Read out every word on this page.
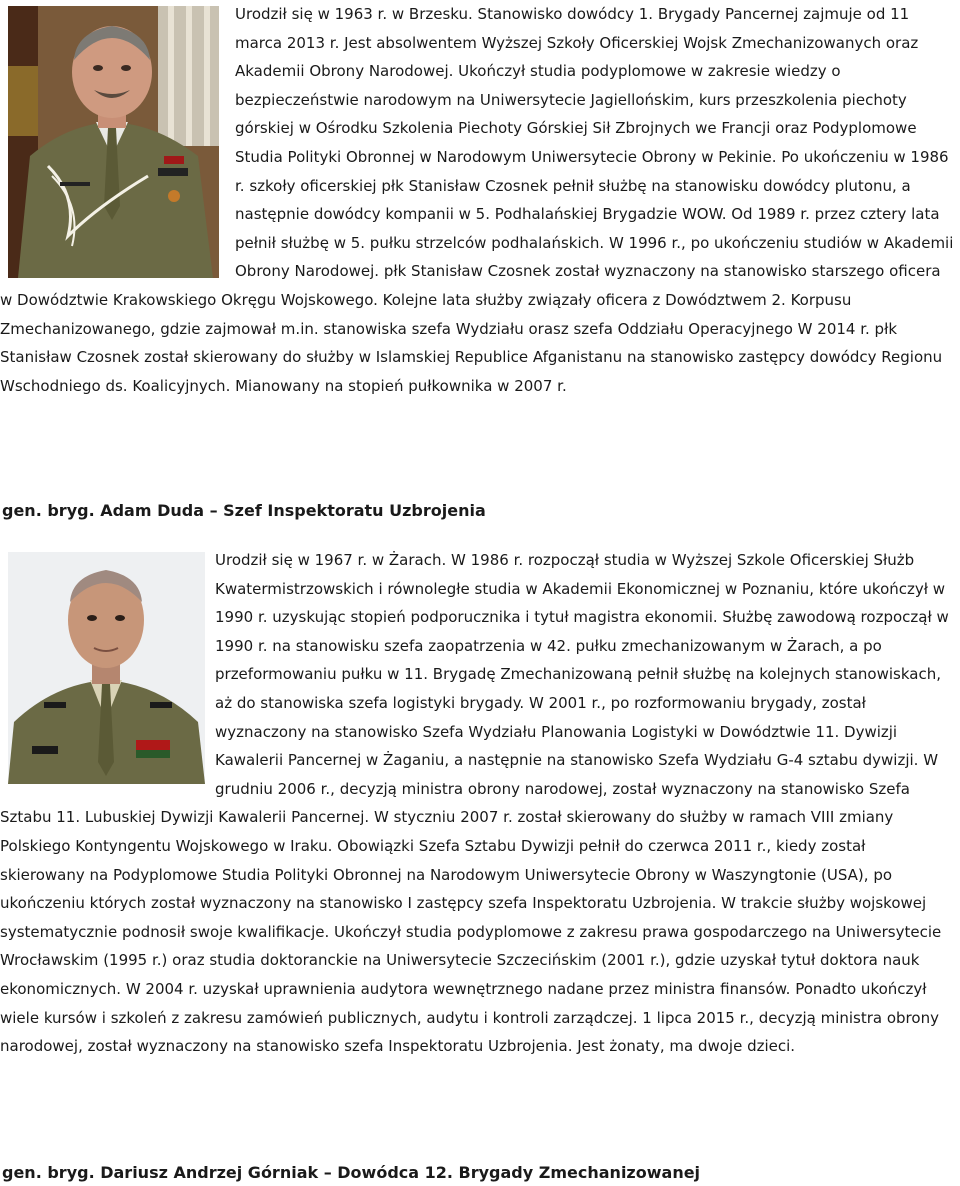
Urodził się w 1963 r. w Brzesku. Stanowisko dowódcy 1. Brygady Pancernej zajmuje od 11 marca 2013 r. Jest absolwentem Wyższej Szkoły Oficerskiej Wojsk Zmechanizowanych oraz Akademii Obrony Narodowej. Ukończył studia podyplomowe w zakresie wiedzy o bezpieczeństwie narodowym na Uniwersytecie Jagiellońskim, kurs przeszkolenia piechoty górskiej w Ośrodku Szkolenia Piechoty Górskiej Sił Zbrojnych we Francji oraz Podyplomowe Studia Polityki Obronnej w Narodowym Uniwersytecie Obrony w Pekinie. Po ukończeniu w 1986 r. szkoły oficerskiej płk Stanisław Czosnek pełnił służbę na stanowisku dowódcy plutonu, a następnie dowódcy kompanii w 5. Podhalańskiej Brygadzie WOW. Od 1989 r. przez cztery lata pełnił służbę w 5. pułku strzelców podhalańskich. W 1996 r., po ukończeniu studiów w Akademii Obrony Narodowej. płk Stanisław Czosnek został wyznaczony na stanowisko starszego oficera w Dowództwie Krakowskiego Okręgu Wojskowego. Kolejne lata służby związały oficera z Dowództwem 2. Korpusu Zmechanizowanego, gdzie zajmował m.in. stanowiska szefa Wydziału orasz szefa Oddziału Operacyjnego W 2014 r. płk Stanisław Czosnek został skierowany do służby w Islamskiej Republice Afganistanu na stanowisko zastępcy dowódcy Regionu Wschodniego ds. Koalicyjnych. Mianowany na stopień pułkownika w 2007 r.

gen. bryg. Adam Duda – Szef Inspektoratu Uzbrojenia

Urodził się w 1967 r. w Żarach. W 1986 r. rozpoczął studia w Wyższej Szkole Oficerskiej Służb Kwatermistrzowskich i równoległe studia w Akademii Ekonomicznej w Poznaniu, które ukończył w 1990 r. uzyskując stopień podporucznika i tytuł magistra ekonomii. Służbę zawodową rozpoczął w 1990 r. na stanowisku szefa zaopatrzenia w 42. pułku zmechanizowanym w Żarach, a po przeformowaniu pułku w 11. Brygadę Zmechanizowaną pełnił służbę na kolejnych stanowiskach, aż do stanowiska szefa logistyki brygady. W 2001 r., po rozformowaniu brygady, został wyznaczony na stanowisko Szefa Wydziału Planowania Logistyki w Dowództwie 11. Dywizji Kawalerii Pancernej w Żaganiu, a następnie na stanowisko Szefa Wydziału G-4 sztabu dywizji. W grudniu 2006 r., decyzją ministra obrony narodowej, został wyznaczony na stanowisko Szefa Sztabu 11. Lubuskiej Dywizji Kawalerii Pancernej. W styczniu 2007 r. został skierowany do służby w ramach VIII zmiany Polskiego Kontyngentu Wojskowego w Iraku. Obowiązki Szefa Sztabu Dywizji pełnił do czerwca 2011 r., kiedy został skierowany na Podyplomowe Studia Polityki Obronnej na Narodowym Uniwersytecie Obrony w Waszyngtonie (USA), po ukończeniu których został wyznaczony na stanowisko I zastępcy szefa Inspektoratu Uzbrojenia. W trakcie służby wojskowej systematycznie podnosił swoje kwalifikacje. Ukończył studia podyplomowe z zakresu prawa gospodarczego na Uniwersytecie Wrocławskim (1995 r.) oraz studia doktoranckie na Uniwersytecie Szczecińskim (2001 r.), gdzie uzyskał tytuł doktora nauk ekonomicznych. W 2004 r. uzyskał uprawnienia audytora wewnętrznego nadane przez ministra finansów. Ponadto ukończył wiele kursów i szkoleń z zakresu zamówień publicznych, audytu i kontroli zarządczej. 1 lipca 2015 r., decyzją ministra obrony narodowej, został wyznaczony na stanowisko szefa Inspektoratu Uzbrojenia. Jest żonaty, ma dwoje dzieci.

gen. bryg. Dariusz Andrzej Górniak – Dowódca 12. Brygady Zmechanizowanej
